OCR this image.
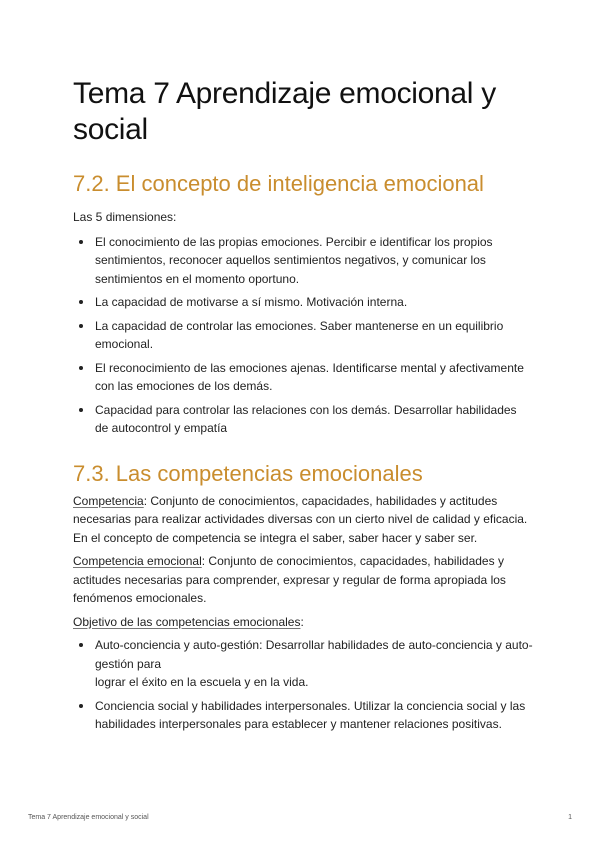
Tema 7 Aprendizaje emocional y social
7.2. El concepto de inteligencia emocional

Las 5 dimensiones:

El conocimiento de las propias emociones. Percibir e identificar los propios sentimientos, reconocer aquellos sentimientos negativos, y comunicar los sentimientos en el momento oportuno.
La capacidad de motivarse a sí mismo. Motivación interna.
La capacidad de controlar las emociones. Saber mantenerse en un equilibrio emocional.
El reconocimiento de las emociones ajenas. Identificarse mental y afectivamente con las emociones de los demás.
Capacidad para controlar las relaciones con los demás. Desarrollar habilidades de autocontrol y empatía
7.3. Las competencias emocionales

Competencia: Conjunto de conocimientos, capacidades, habilidades y actitudes necesarias para realizar actividades diversas con un cierto nivel de calidad y eficacia. En el concepto de competencia se integra el saber, saber hacer y saber ser.

Competencia emocional: Conjunto de conocimientos, capacidades, habilidades y actitudes necesarias para comprender, expresar y regular de forma apropiada los fenómenos emocionales.

Objetivo de las competencias emocionales:

Auto-conciencia y auto-gestión: Desarrollar habilidades de auto-conciencia y auto-gestión para
lograr el éxito en la escuela y en la vida.
Conciencia social y habilidades interpersonales. Utilizar la conciencia social y las habilidades interpersonales para establecer y mantener relaciones positivas.
Tema 7 Aprendizaje emocional y social	1
